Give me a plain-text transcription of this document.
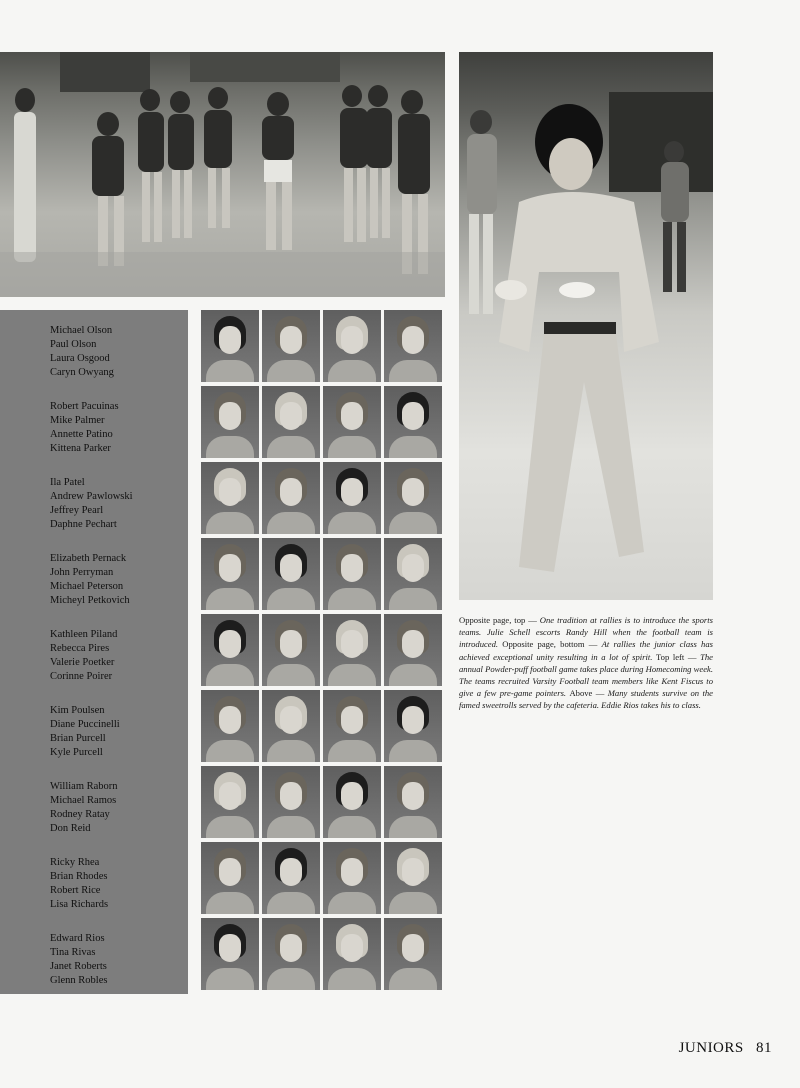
Michael Olson
Paul Olson
Laura Osgood
Caryn Owyang
Robert Pacuinas
Mike Palmer
Annette Patino
Kittena Parker
Ila Patel
Andrew Pawlowski
Jeffrey Pearl
Daphne Pechart
Elizabeth Pernack
John Perryman
Michael Peterson
Micheyl Petkovich
Kathleen Piland
Rebecca Pires
Valerie Poetker
Corinne Poirer
Kim Poulsen
Diane Puccinelli
Brian Purcell
Kyle Purcell
William Raborn
Michael Ramos
Rodney Ratay
Don Reid
Ricky Rhea
Brian Rhodes
Robert Rice
Lisa Richards
Edward Rios
Tina Rivas
Janet Roberts
Glenn Robles
Opposite page, top — One tradition at rallies is to introduce the sports teams. Julie Schell escorts Randy Hill when the football team is introduced. Opposite page, bottom — At rallies the junior class has achieved exceptional unity resulting in a lot of spirit. Top left — The annual Powder-puff football game takes place during Homecoming week. The teams recruited Varsity Football team members like Kent Fiscus to give a few pre-game pointers. Above — Many students survive on the famed sweetrolls served by the cafeteria. Eddie Rios takes his to class.
JUNIORS 81
